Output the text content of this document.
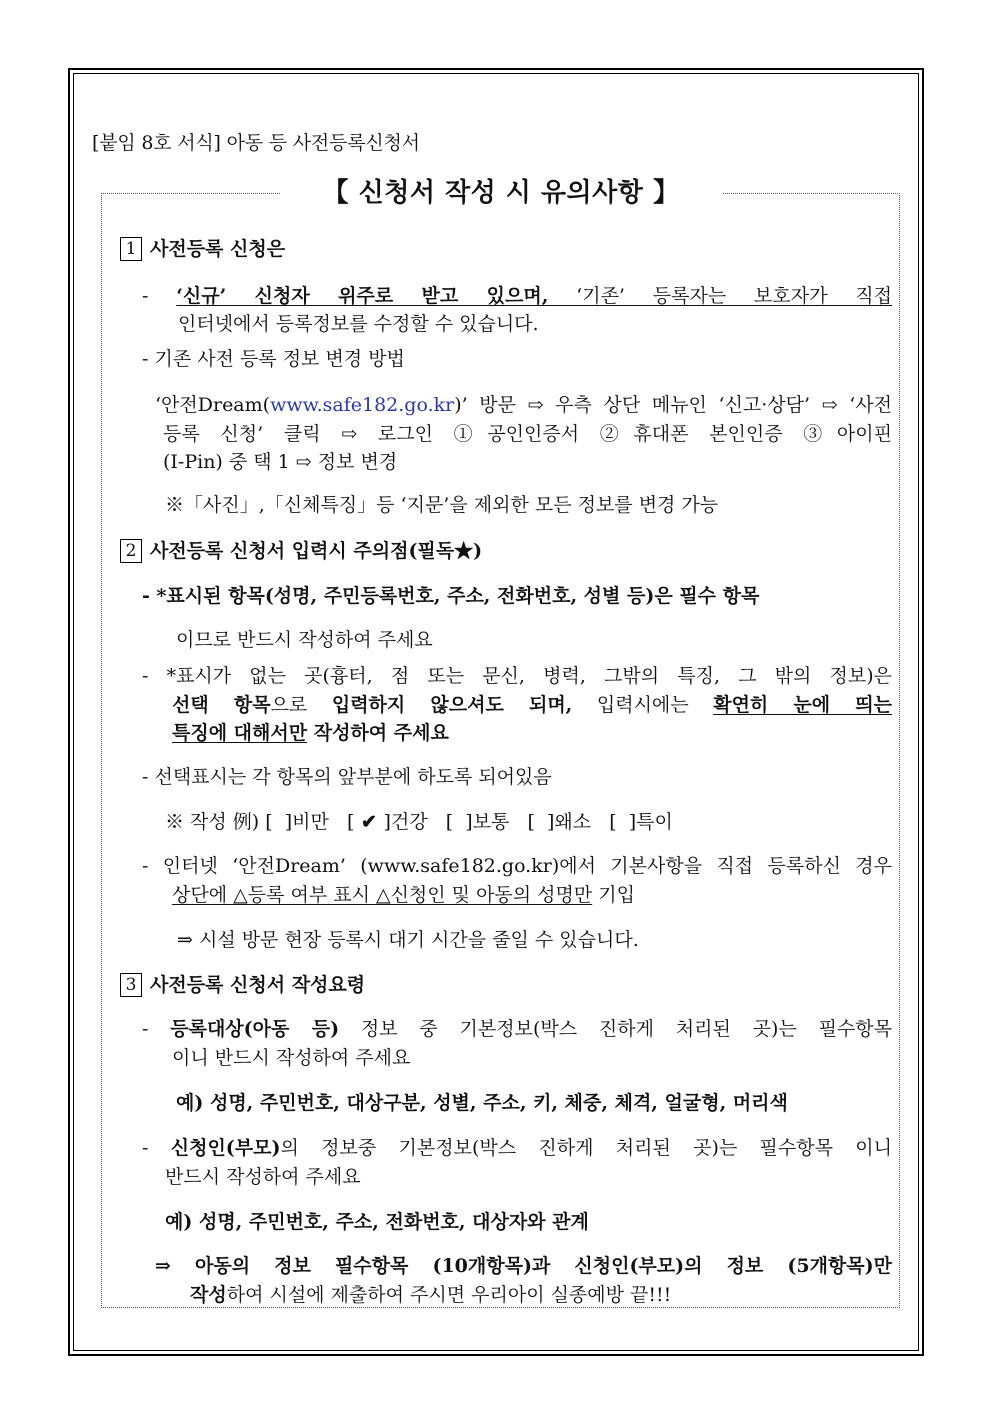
[붙임 8호 서식] 아동 등 사전등록신청서
【 신청서 작성 시 유의사항 】
1 사전등록 신청은
- ‘신규’ 신청자 위주로 받고 있으며, ‘기존’ 등록자는 보호자가 직접
인터넷에서 등록정보를 수정할 수 있습니다.
- 기존 사전 등록 정보 변경 방법
‘안전Dream(www.safe182.go.kr)’ 방문 ⇨ 우측 상단 메뉴인 ‘신고·상담’ ⇨ ‘사전
등록 신청’ 클릭 ⇨ 로그인 ①공인인증서 ②휴대폰 본인인증 ③아이핀
(I-Pin) 중 택 1 ⇨ 정보 변경
※「사진」,「신체특징」등 ‘지문’을 제외한 모든 정보를 변경 가능
2 사전등록 신청서 입력시 주의점(필독★)
- *표시된 항목(성명, 주민등록번호, 주소, 전화번호, 성별 등)은 필수 항목
이므로 반드시 작성하여 주세요
- *표시가 없는 곳(흉터, 점 또는 문신, 병력, 그밖의 특징, 그 밖의 정보)은
선택 항목으로 입력하지 않으셔도 되며, 입력시에는 확연히 눈에 띄는
특징에 대해서만 작성하여 주세요
- 선택표시는 각 항목의 앞부분에 하도록 되어있음
※ 작성 例) [  ]비만   [ ✔ ]건강   [  ]보통   [  ]왜소   [  ]특이
- 인터넷 ‘안전Dream’ (www.safe182.go.kr)에서 기본사항을 직접 등록하신 경우
상단에 △등록 여부 표시 △신청인 및 아동의 성명만 기입
⇒ 시설 방문 현장 등록시 대기 시간을 줄일 수 있습니다.
3 사전등록 신청서 작성요령
- 등록대상(아동 등) 정보 중 기본정보(박스 진하게 처리된 곳)는 필수항목
이니 반드시 작성하여 주세요
예) 성명, 주민번호, 대상구분, 성별, 주소, 키, 체중, 체격, 얼굴형, 머리색
- 신청인(부모)의 정보중 기본정보(박스 진하게 처리된 곳)는 필수항목 이니
반드시 작성하여 주세요
예) 성명, 주민번호, 주소, 전화번호, 대상자와 관계
⇒ 아동의 정보 필수항목 (10개항목)과 신청인(부모)의 정보 (5개항목)만
작성하여 시설에 제출하여 주시면 우리아이 실종예방 끝!!!
